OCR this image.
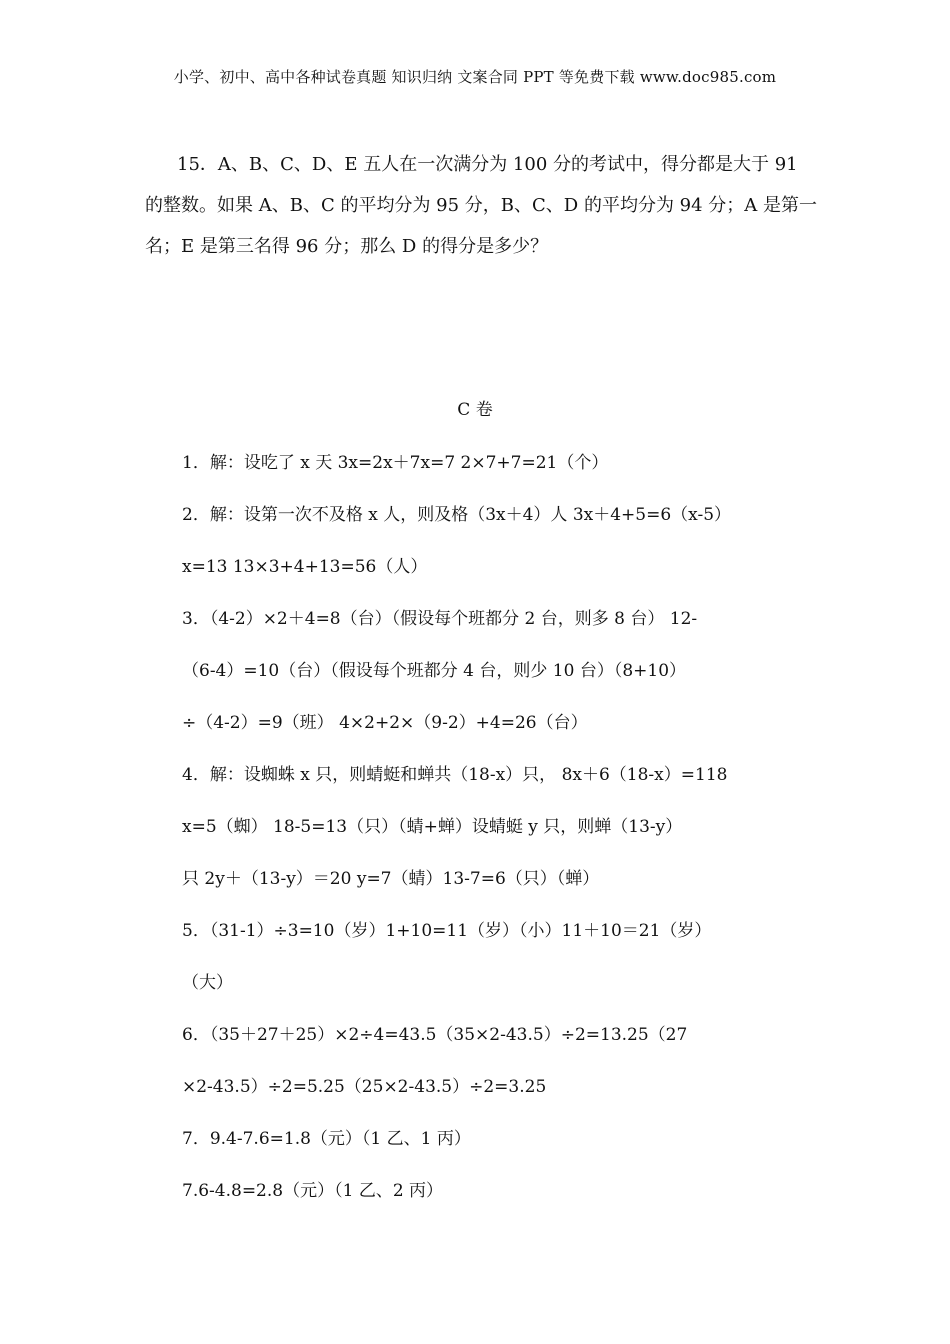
小学、初中、高中各种试卷真题 知识归纳 文案合同 PPT 等免费下载 www.doc985.com
15．A、B、C、D、E 五人在一次满分为 100 分的考试中，得分都是大于 91
的整数。如果 A、B、C 的平均分为 95 分，B、C、D 的平均分为 94 分；A 是第一
名；E 是第三名得 96 分；那么 D 的得分是多少？
C 卷
1．解：设吃了 x 天 3x=2x＋7x=7 2×7+7=21（个）
2．解：设第一次不及格 x 人，则及格（3x＋4）人 3x＋4+5=6（x-5）
x=13 13×3+4+13=56（人）
3．（4-2）×2＋4=8（台）（假设每个班都分 2 台，则多 8 台） 12-
（6-4）=10（台）（假设每个班都分 4 台，则少 10 台）（8+10）
÷（4-2）=9（班） 4×2+2×（9-2）+4=26（台）
4．解：设蜘蛛 x 只，则蜻蜓和蝉共（18-x）只， 8x＋6（18-x）=118
x=5（蜘） 18-5=13（只）（蜻+蝉）设蜻蜓 y 只，则蝉（13-y）
只 2y＋（13-y）＝20 y=7（蜻）13-7=6（只）（蝉）
5．（31-1）÷3=10（岁）1+10=11（岁）（小）11＋10＝21（岁）
（大）
6．（35＋27＋25）×2÷4=43.5（35×2-43.5）÷2=13.25（27
×2-43.5）÷2=5.25（25×2-43.5）÷2=3.25
7．9.4-7.6=1.8（元）（1 乙、1 丙）
7.6-4.8=2.8（元）（1 乙、2 丙）
